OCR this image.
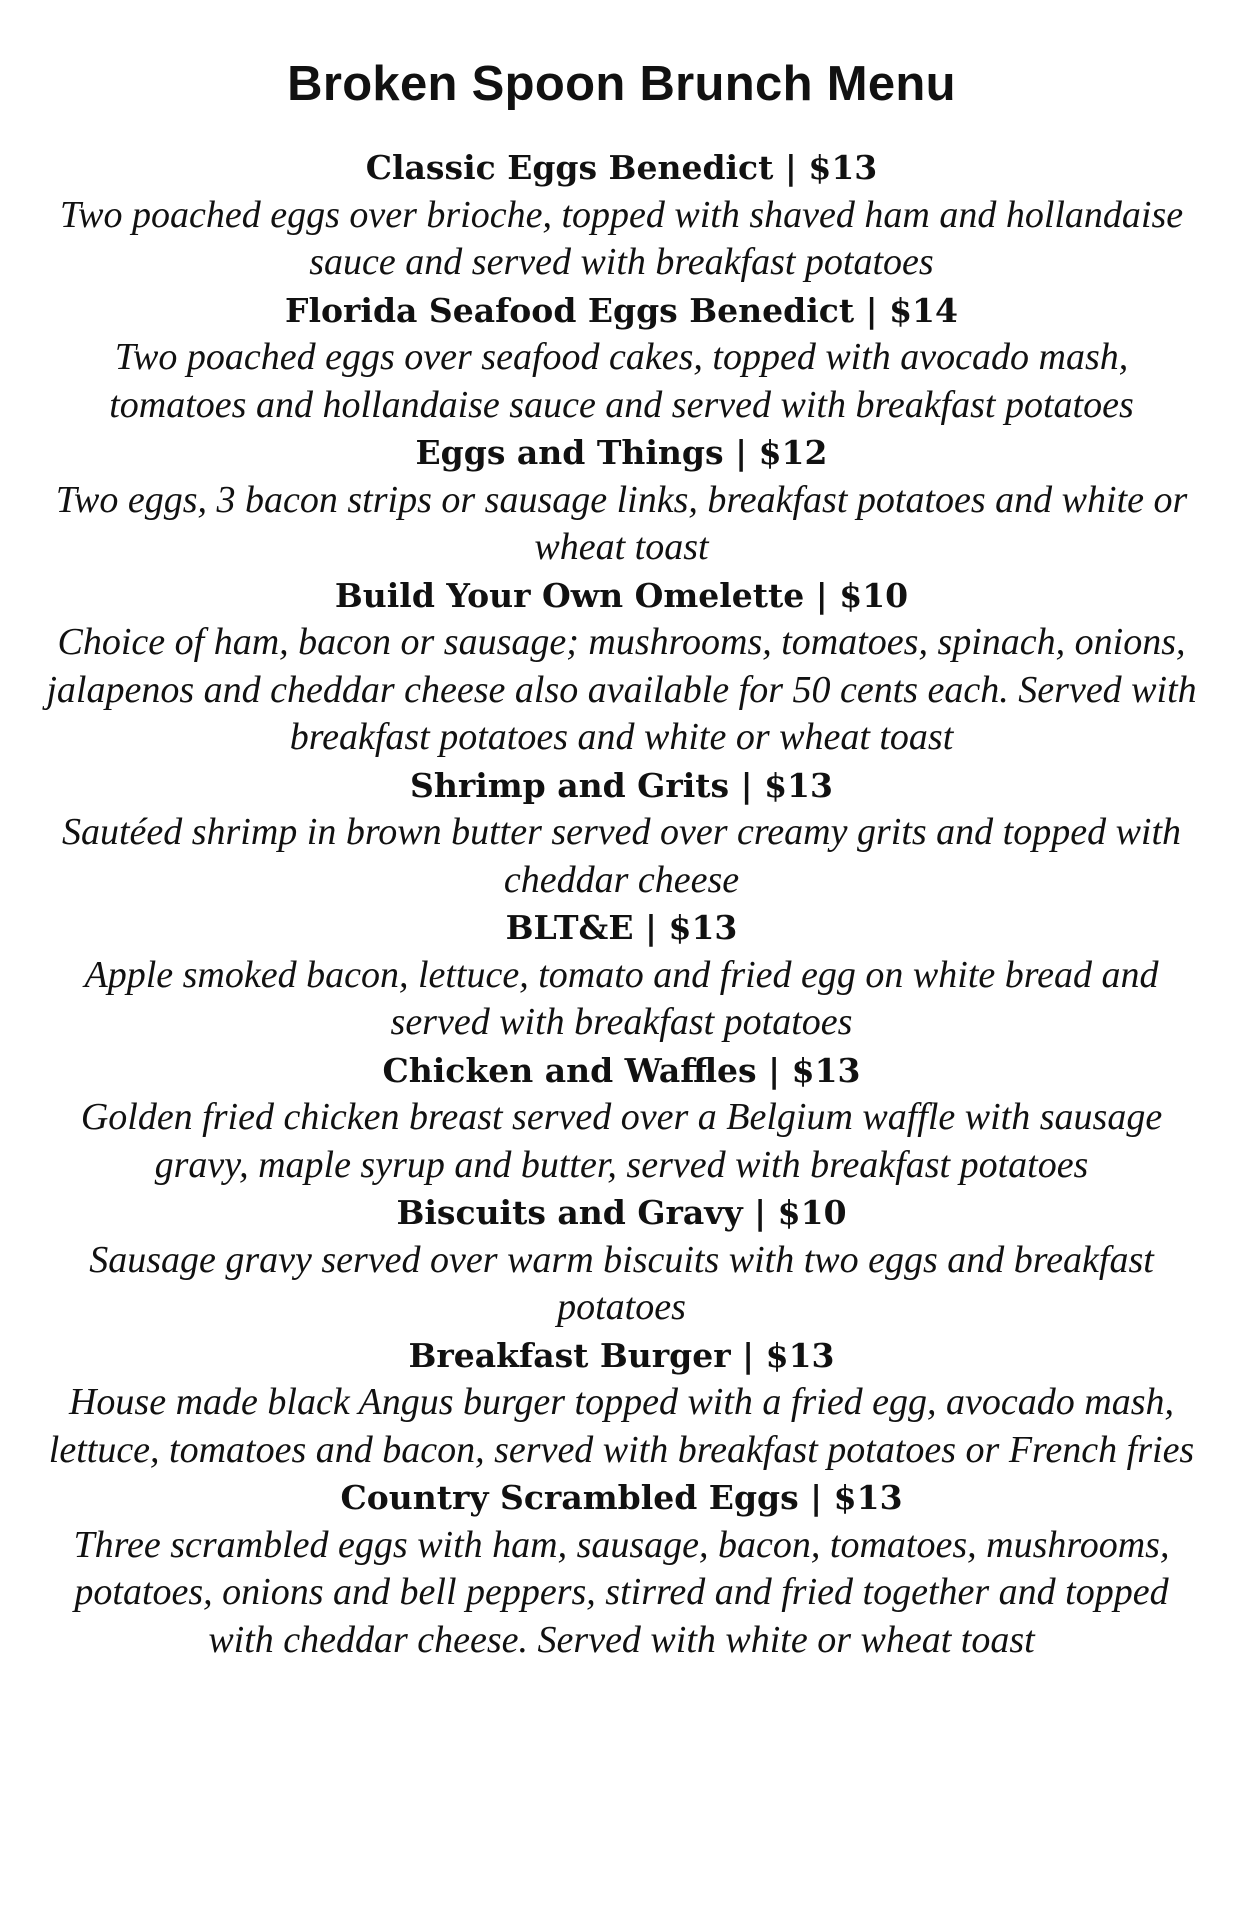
Broken Spoon Brunch Menu
Classic Eggs Benedict | $13
Two poached eggs over brioche, topped with shaved ham and hollandaise sauce and served with breakfast potatoes
Florida Seafood Eggs Benedict | $14
Two poached eggs over seafood cakes, topped with avocado mash, tomatoes and hollandaise sauce and served with breakfast potatoes
Eggs and Things | $12
Two eggs, 3 bacon strips or sausage links, breakfast potatoes and white or wheat toast
Build Your Own Omelette | $10
Choice of ham, bacon or sausage; mushrooms, tomatoes, spinach, onions, jalapenos and cheddar cheese also available for 50 cents each. Served with breakfast potatoes and white or wheat toast
Shrimp and Grits | $13
Sautéed shrimp in brown butter served over creamy grits and topped with cheddar cheese
BLT&E | $13
Apple smoked bacon, lettuce, tomato and fried egg on white bread and served with breakfast potatoes
Chicken and Waffles | $13
Golden fried chicken breast served over a Belgium waffle with sausage gravy, maple syrup and butter, served with breakfast potatoes
Biscuits and Gravy | $10
Sausage gravy served over warm biscuits with two eggs and breakfast potatoes
Breakfast Burger | $13
House made black Angus burger topped with a fried egg, avocado mash, lettuce, tomatoes and bacon, served with breakfast potatoes or French fries
Country Scrambled Eggs | $13
Three scrambled eggs with ham, sausage, bacon, tomatoes, mushrooms, potatoes, onions and bell peppers, stirred and fried together and topped with cheddar cheese. Served with white or wheat toast
